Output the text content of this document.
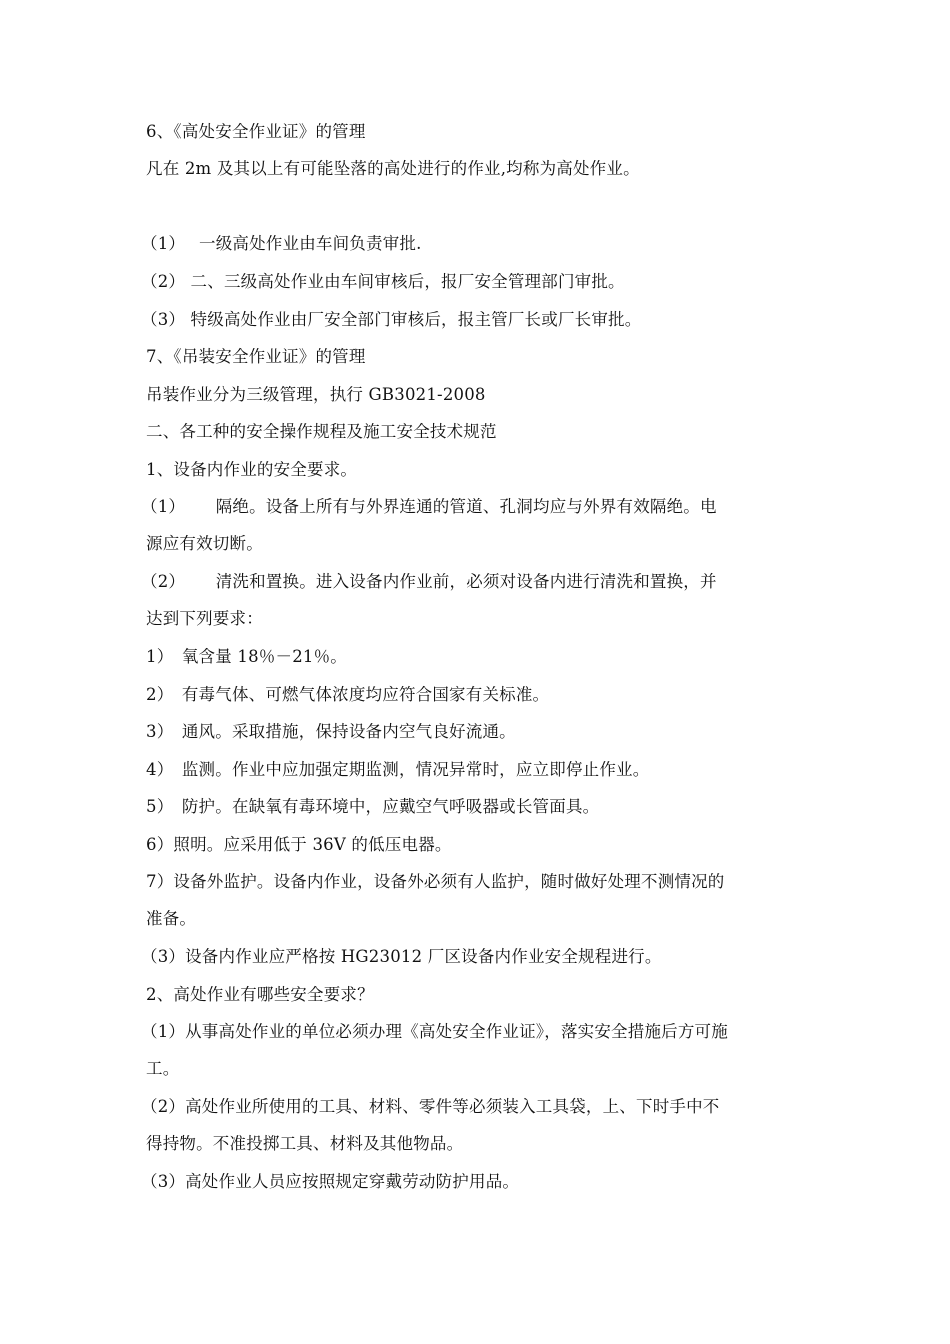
6、《高处安全作业证》的管理
凡在 2m 及其以上有可能坠落的高处进行的作业,均称为高处作业。
（1）　 一级高处作业由车间负责审批.
（2） 二、三级高处作业由车间审核后，报厂安全管理部门审批。
（3） 特级高处作业由厂安全部门审核后，报主管厂长或厂长审批。
7、《吊装安全作业证》的管理
吊装作业分为三级管理，执行 GB3021-2008
二、各工种的安全操作规程及施工安全技术规范
1、设备内作业的安全要求。
（1）　　 隔绝。设备上所有与外界连通的管道、孔洞均应与外界有效隔绝。电
源应有效切断。
（2）　　 清洗和置换。进入设备内作业前，必须对设备内进行清洗和置换，并
达到下列要求：
1）　氧含量 18％－21％。
2）　有毒气体、可燃气体浓度均应符合国家有关标准。
3）　通风。采取措施，保持设备内空气良好流通。
4）　监测。作业中应加强定期监测，情况异常时，应立即停止作业。
5）　防护。在缺氧有毒环境中，应戴空气呼吸器或长管面具。
6）照明。应采用低于 36V 的低压电器。
7）设备外监护。设备内作业，设备外必须有人监护，随时做好处理不测情况的
准备。
（3）设备内作业应严格按 HG23012 厂区设备内作业安全规程进行。
2、高处作业有哪些安全要求？
（1）从事高处作业的单位必须办理《高处安全作业证》，落实安全措施后方可施
工。
（2）高处作业所使用的工具、材料、零件等必须装入工具袋，上、下时手中不
得持物。不准投掷工具、材料及其他物品。
（3）高处作业人员应按照规定穿戴劳动防护用品。
